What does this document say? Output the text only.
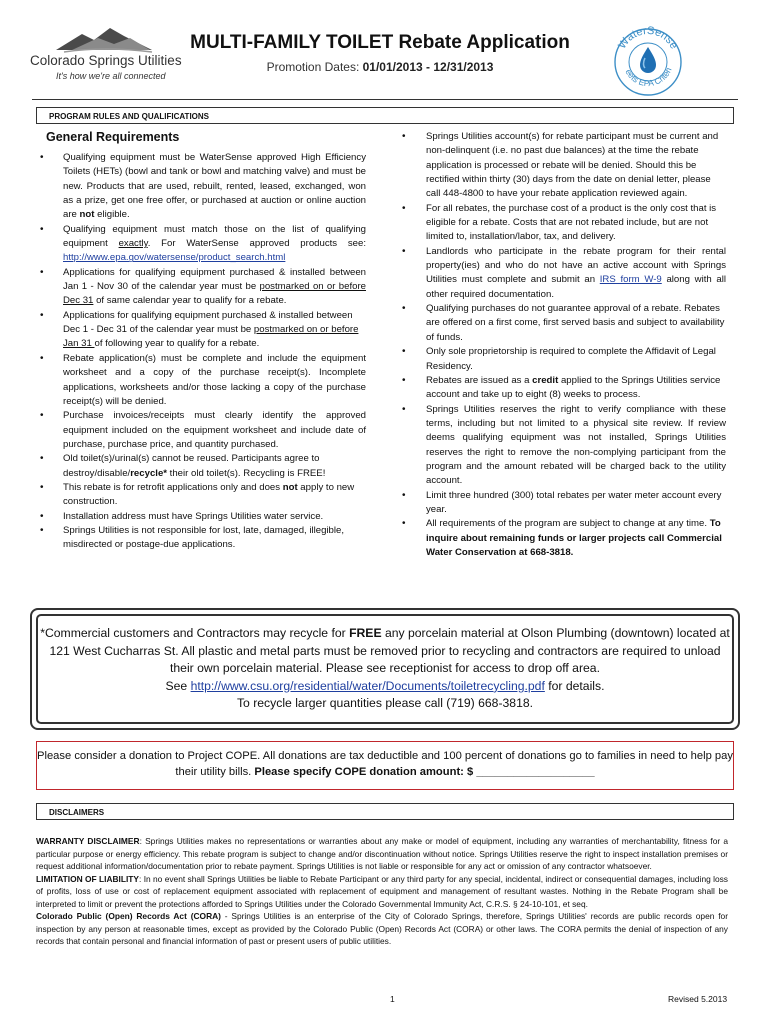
Colorado Springs Utilities
It's how we're all connected
MULTI-FAMILY TOILET Rebate Application
Promotion Dates: 01/01/2013 - 12/31/2013
WaterSense
eets EPA Criteri
PROGRAM RULES AND QUALIFICATIONS
General Requirements
• Qualifying equipment must be WaterSense approved High Efficiency Toilets (HETs) (bowl and tank or bowl and matching valve) and must be new. Products that are used, rebuilt, rented, leased, exchanged, won as a prize, get one free offer, or purchased at auction or online auction are not eligible.
• Qualifying equipment must match those on the list of qualifying equipment exactly. For WaterSense approved products see: http://www.epa.gov/watersense/product_search.html
• Applications for qualifying equipment purchased & installed between Jan 1 - Nov 30 of the calendar year must be postmarked on or before Dec 31 of same calendar year to qualify for a rebate.
• Applications for qualifying equipment purchased & installed between Dec 1 - Dec 31 of the calendar year must be postmarked on or before Jan 31 of following year to qualify for a rebate.
• Rebate application(s) must be complete and include the equipment worksheet and a copy of the purchase receipt(s). Incomplete applications, worksheets and/or those lacking a copy of the purchase receipt(s) will be denied.
• Purchase invoices/receipts must clearly identify the approved equipment included on the equipment worksheet and include date of purchase, purchase price, and quantity purchased.
• Old toilet(s)/urinal(s) cannot be reused. Participants agree to destroy/disable/recycle* their old toilet(s). Recycling is FREE!
• This rebate is for retrofit applications only and does not apply to new construction.
• Installation address must have Springs Utilities water service.
• Springs Utilities is not responsible for lost, late, damaged, illegible, misdirected or postage-due applications.
• Springs Utilities account(s) for rebate participant must be current and non-delinquent (i.e. no past due balances) at the time the rebate application is processed or rebate will be denied. Should this be rectified within thirty (30) days from the date on denial letter, please call 448-4800 to have your rebate application reviewed again.
• For all rebates, the purchase cost of a product is the only cost that is eligible for a rebate. Costs that are not rebated include, but are not limited to, installation/labor, tax, and delivery.
• Landlords who participate in the rebate program for their rental property(ies) and who do not have an active account with Springs Utilities must complete and submit an IRS form W-9 along with all other required documentation.
• Qualifying purchases do not guarantee approval of a rebate. Rebates are offered on a first come, first served basis and subject to availability of funds.
• Only sole proprietorship is required to complete the Affidavit of Legal Residency.
• Rebates are issued as a credit applied to the Springs Utilities service account and take up to eight (8) weeks to process.
• Springs Utilities reserves the right to verify compliance with these terms, including but not limited to a physical site review. If review deems qualifying equipment was not installed, Springs Utilities reserves the right to remove the non-complying participant from the program and the amount rebated will be charged back to the utility account.
• Limit three hundred (300) total rebates per water meter account every year.
• All requirements of the program are subject to change at any time. To inquire about remaining funds or larger projects call Commercial Water Conservation at 668-3818.
*Commercial customers and Contractors may recycle for FREE any porcelain material at Olson Plumbing (downtown) located at 121 West Cucharras St. All plastic and metal parts must be removed prior to recycling and contractors are required to unload their own porcelain material. Please see receptionist for access to drop off area.
See http://www.csu.org/residential/water/Documents/toiletrecycling.pdf for details.
To recycle larger quantities please call (719) 668-3818.
Please consider a donation to Project COPE. All donations are tax deductible and 100 percent of donations go to families in need to help pay their utility bills. Please specify COPE donation amount: $ ___________________
DISCLAIMERS

WARRANTY DISCLAIMER: Springs Utilities makes no representations or warranties about any make or model of equipment, including any warranties of merchantability, fitness for a particular purpose or energy efficiency. This rebate program is subject to change and/or discontinuation without notice. Springs Utilities reserve the right to inspect installation premises or request additional information/documentation prior to rebate payment. Springs Utilities is not liable or responsible for any act or omission of any contractor whatsoever.

LIMITATION OF LIABILITY: In no event shall Springs Utilities be liable to Rebate Participant or any third party for any special, incidental, indirect or consequential damages, including loss of profits, loss of use or cost of replacement equipment associated with replacement of equipment and management of resultant wastes. Nothing in the Rebate Program shall be interpreted to limit or prevent the protections afforded to Springs Utilities under the Colorado Governmental Immunity Act, C.R.S. § 24-10-101, et seq.

Colorado Public (Open) Records Act (CORA) - Springs Utilities is an enterprise of the City of Colorado Springs, therefore, Springs Utilities' records are public records open for inspection by any person at reasonable times, except as provided by the Colorado Public (Open) Records Act (CORA) or other laws. The CORA permits the denial of inspection of any records that contain personal and financial information of past or present users of public utilities.

1	Revised 5.2013
